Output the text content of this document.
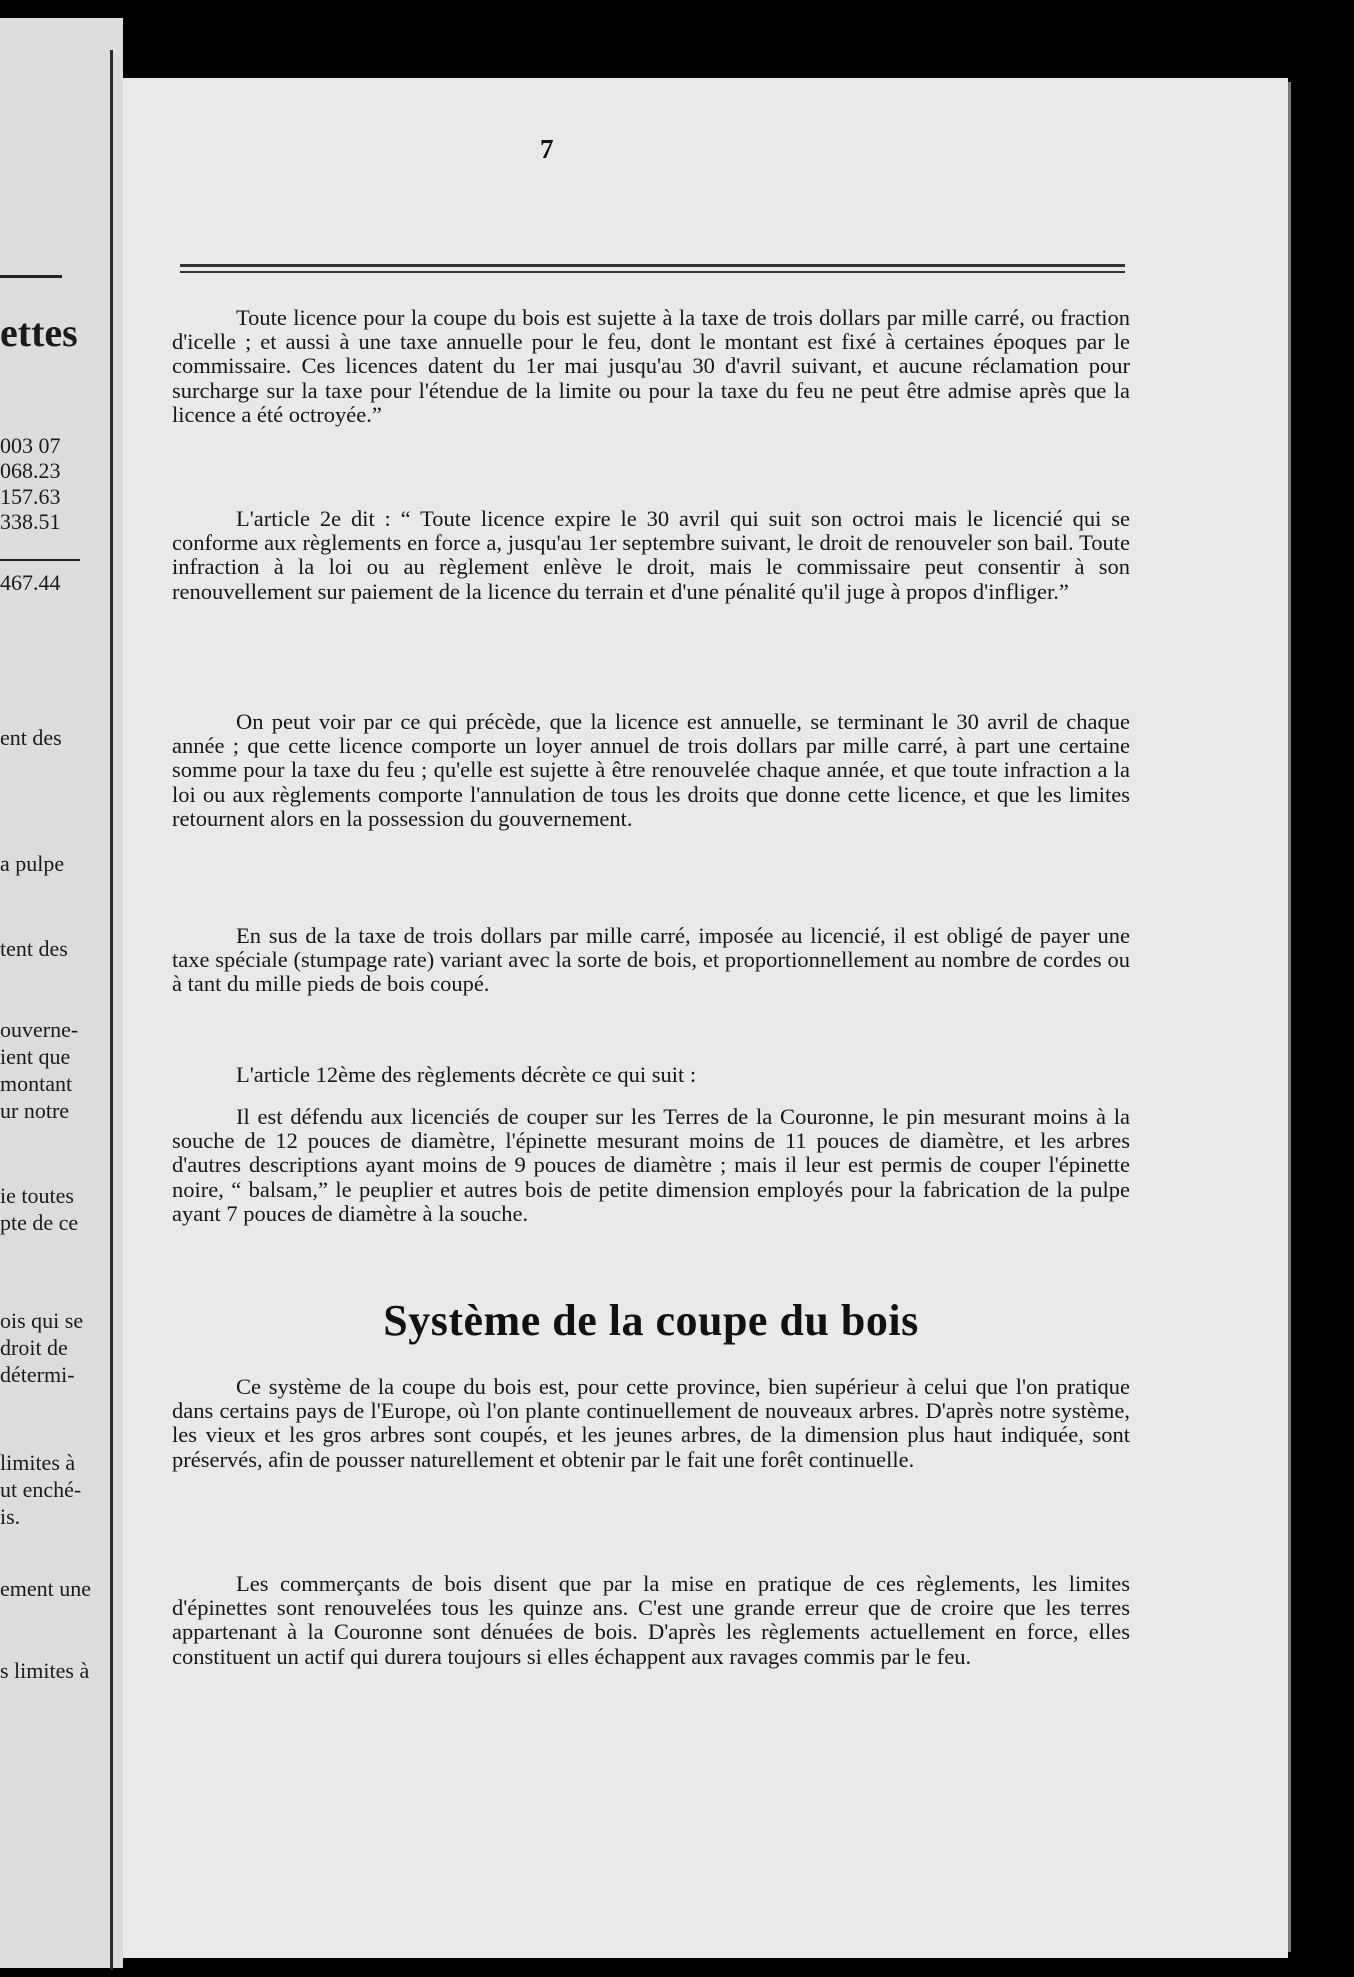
ettes
003 07
068.23
157.63
338.51
467.44
ent des
a pulpe
tent des
ouverne-
ient que
montant
ur notre
ie toutes
pte de ce
ois qui se
droit de
détermi-
limites à
ut enché-
is.
ement une
s limites à
7

Toute licence pour la coupe du bois est sujette à la taxe de trois dollars par mille carré, ou fraction d'icelle ; et aussi à une taxe annuelle pour le feu, dont le montant est fixé à certaines époques par le commissaire. Ces licences datent du 1er mai jusqu'au 30 d'avril suivant, et aucune réclamation pour surcharge sur la taxe pour l'étendue de la limite ou pour la taxe du feu ne peut être admise après que la licence a été octroyée.”

L'article 2e dit : “ Toute licence expire le 30 avril qui suit son octroi mais le licencié qui se conforme aux règlements en force a, jusqu'au 1er septembre suivant, le droit de renouveler son bail. Toute infraction à la loi ou au règlement enlève le droit, mais le commissaire peut consentir à son renouvellement sur paiement de la licence du terrain et d'une pénalité qu'il juge à propos d'infliger.”

On peut voir par ce qui précède, que la licence est annuelle, se terminant le 30 avril de chaque année ; que cette licence comporte un loyer annuel de trois dollars par mille carré, à part une certaine somme pour la taxe du feu ; qu'elle est sujette à être renouvelée chaque année, et que toute infraction a la loi ou aux règlements comporte l'annulation de tous les droits que donne cette licence, et que les limites retournent alors en la possession du gouvernement.

En sus de la taxe de trois dollars par mille carré, imposée au licencié, il est obligé de payer une taxe spéciale (stumpage rate) variant avec la sorte de bois, et proportionnellement au nombre de cordes ou à tant du mille pieds de bois coupé.

L'article 12ème des règlements décrète ce qui suit :

Il est défendu aux licenciés de couper sur les Terres de la Couronne, le pin mesurant moins à la souche de 12 pouces de diamètre, l'épinette mesurant moins de 11 pouces de diamètre, et les arbres d'autres descriptions ayant moins de 9 pouces de diamètre ; mais il leur est permis de couper l'épinette noire, “ balsam,” le peuplier et autres bois de petite dimension employés pour la fabrication de la pulpe ayant 7 pouces de diamètre à la souche.

Système de la coupe du bois

Ce système de la coupe du bois est, pour cette province, bien supérieur à celui que l'on pratique dans certains pays de l'Europe, où l'on plante continuellement de nouveaux arbres. D'après notre système, les vieux et les gros arbres sont coupés, et les jeunes arbres, de la dimension plus haut indiquée, sont préservés, afin de pousser naturellement et obtenir par le fait une forêt continuelle.

Les commerçants de bois disent que par la mise en pratique de ces règlements, les limites d'épinettes sont renouvelées tous les quinze ans. C'est une grande erreur que de croire que les terres appartenant à la Couronne sont dénuées de bois. D'après les règlements actuellement en force, elles constituent un actif qui durera toujours si elles échappent aux ravages commis par le feu.
